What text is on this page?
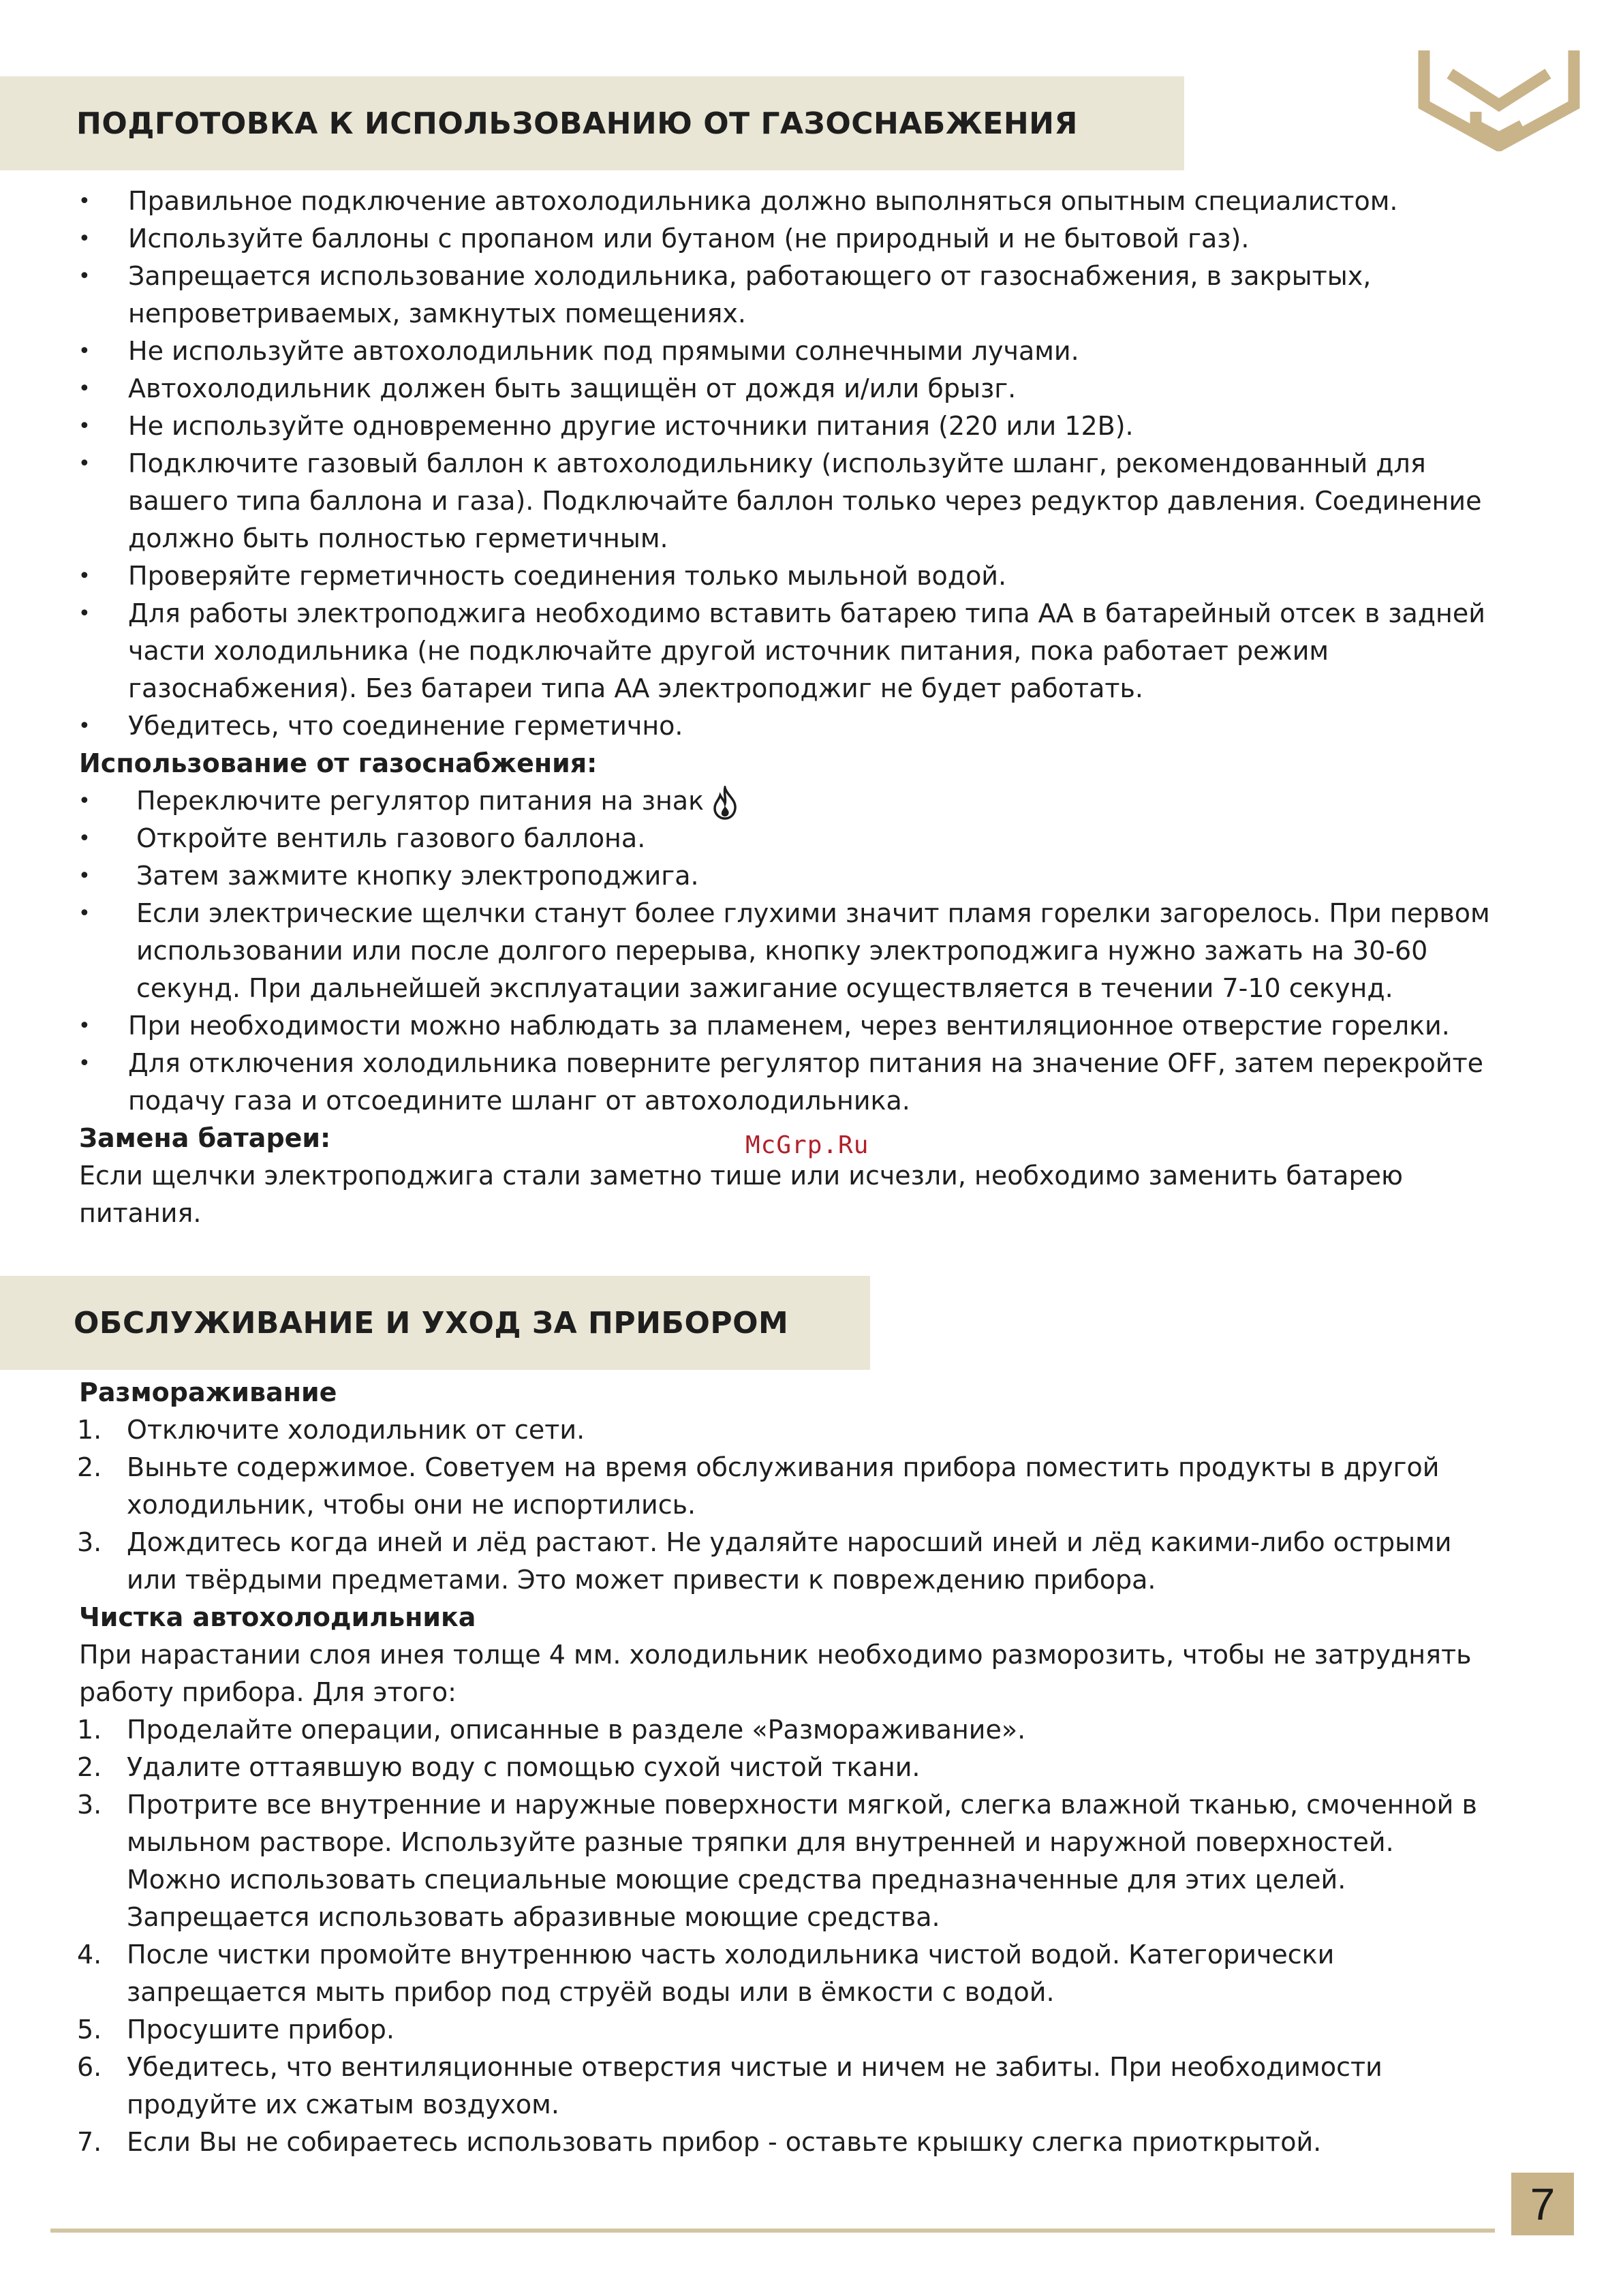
ПОДГОТОВКА К ИСПОЛЬЗОВАНИЮ ОТ ГАЗОСНАБЖЕНИЯ
• Правильное подключение автохолодильника должно выполняться опытным специалистом.
• Используйте баллоны с пропаном или бутаном (не природный и не бытовой газ).
• Запрещается использование холодильника, работающего от газоснабжения, в закрытых,
непроветриваемых, замкнутых помещениях.
• Не используйте автохолодильник под прямыми солнечными лучами.
• Автохолодильник должен быть защищён от дождя и/или брызг.
• Не используйте одновременно другие источники питания (220 или 12В).
• Подключите газовый баллон к автохолодильнику (используйте шланг, рекомендованный для
вашего типа баллона и газа). Подключайте баллон только через редуктор давления. Соединение
должно быть полностью герметичным.
• Проверяйте герметичность соединения только мыльной водой.
• Для работы электроподжига необходимо вставить батарею типа АА в батарейный отсек в задней
части холодильника (не подключайте другой источник питания, пока работает режим
газоснабжения). Без батареи типа АА электроподжиг не будет работать.
• Убедитесь, что соединение герметично.
Использование от газоснабжения:
• Переключите регулятор питания на знак
• Откройте вентиль газового баллона.
• Затем зажмите кнопку электроподжига.
• Если электрические щелчки станут более глухими значит пламя горелки загорелось. При первом
использовании или после долгого перерыва, кнопку электроподжига нужно зажать на 30-60
секунд. При дальнейшей эксплуатации зажигание осуществляется в течении 7-10 секунд.
• При необходимости можно наблюдать за пламенем, через вентиляционное отверстие горелки.
• Для отключения холодильника поверните регулятор питания на значение OFF, затем перекройте
подачу газа и отсоедините шланг от автохолодильника.
Замена батареи:
Если щелчки электроподжига стали заметно тише или исчезли, необходимо заменить батарею
питания.
Размораживание
1. Отключите холодильник от сети.
2. Выньте содержимое. Советуем на время обслуживания прибора поместить продукты в другой
холодильник, чтобы они не испортились.
3. Дождитесь когда иней и лёд растают. Не удаляйте наросший иней и лёд какими-либо острыми
или твёрдыми предметами. Это может привести к повреждению прибора.
Чистка автохолодильника
При нарастании слоя инея толще 4 мм. холодильник необходимо разморозить, чтобы не затруднять
работу прибора. Для этого:
1. Проделайте операции, описанные в разделе «Размораживание».
2. Удалите оттаявшую воду с помощью сухой чистой ткани.
3. Протрите все внутренние и наружные поверхности мягкой, слегка влажной тканью, смоченной в
мыльном растворе. Используйте разные тряпки для внутренней и наружной поверхностей.
Можно использовать специальные моющие средства предназначенные для этих целей.
Запрещается использовать абразивные моющие средства.
4. После чистки промойте внутреннюю часть холодильника чистой водой. Категорически
запрещается мыть прибор под струёй воды или в ёмкости с водой.
5. Просушите прибор.
6. Убедитесь, что вентиляционные отверстия чистые и ничем не забиты. При необходимости
продуйте их сжатым воздухом.
7. Если Вы не собираетесь использовать прибор - оставьте крышку слегка приоткрытой.
McGrp.Ru
ОБСЛУЖИВАНИЕ И УХОД ЗА ПРИБОРОМ
7
